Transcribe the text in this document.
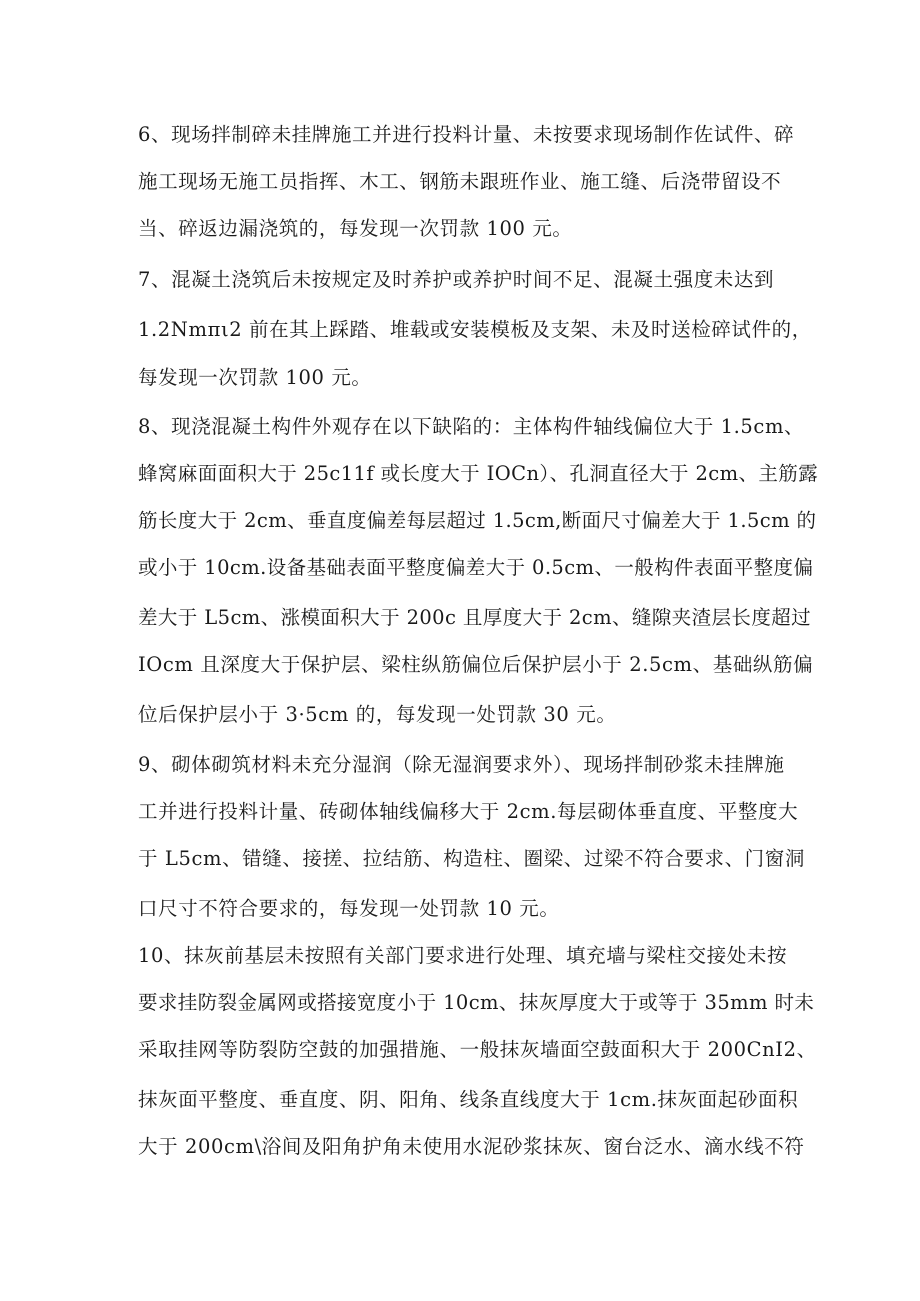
6、现场拌制碎未挂牌施工并进行投料计量、未按要求现场制作佐试件、碎
施工现场无施工员指挥、木工、钢筋未跟班作业、施工缝、后浇带留设不
当、碎返边漏浇筑的，每发现一次罚款 100 元。
7、混凝土浇筑后未按规定及时养护或养护时间不足、混凝土强度未达到
1.2Nmπι2 前在其上踩踏、堆载或安装模板及支架、未及时送检碎试件的，
每发现一次罚款 100 元。
8、现浇混凝土构件外观存在以下缺陷的：主体构件轴线偏位大于 1.5cm、
蜂窝麻面面积大于 25c11f 或长度大于 IOCn）、孔洞直径大于 2cm、主筋露
筋长度大于 2cm、垂直度偏差每层超过 1.5cm,断面尺寸偏差大于 1.5cm 的
或小于 10cm.设备基础表面平整度偏差大于 0.5cm、一般构件表面平整度偏
差大于 L5cm、涨模面积大于 200c 且厚度大于 2cm、缝隙夹渣层长度超过
IOcm 且深度大于保护层、梁柱纵筋偏位后保护层小于 2.5cm、基础纵筋偏
位后保护层小于 3·5cm 的，每发现一处罚款 30 元。
9、砌体砌筑材料未充分湿润（除无湿润要求外）、现场拌制砂浆未挂牌施
工并进行投料计量、砖砌体轴线偏移大于 2cm.每层砌体垂直度、平整度大
于 L5cm、错缝、接搓、拉结筋、构造柱、圈梁、过梁不符合要求、门窗洞
口尺寸不符合要求的，每发现一处罚款 10 元。
10、抹灰前基层未按照有关部门要求进行处理、填充墙与梁柱交接处未按
要求挂防裂金属网或搭接宽度小于 10cm、抹灰厚度大于或等于 35mm 时未
采取挂网等防裂防空鼓的加强措施、一般抹灰墙面空鼓面积大于 200CnI2、
抹灰面平整度、垂直度、阴、阳角、线条直线度大于 1cm.抹灰面起砂面积
大于 200cm\浴间及阳角护角未使用水泥砂浆抹灰、窗台泛水、滴水线不符
